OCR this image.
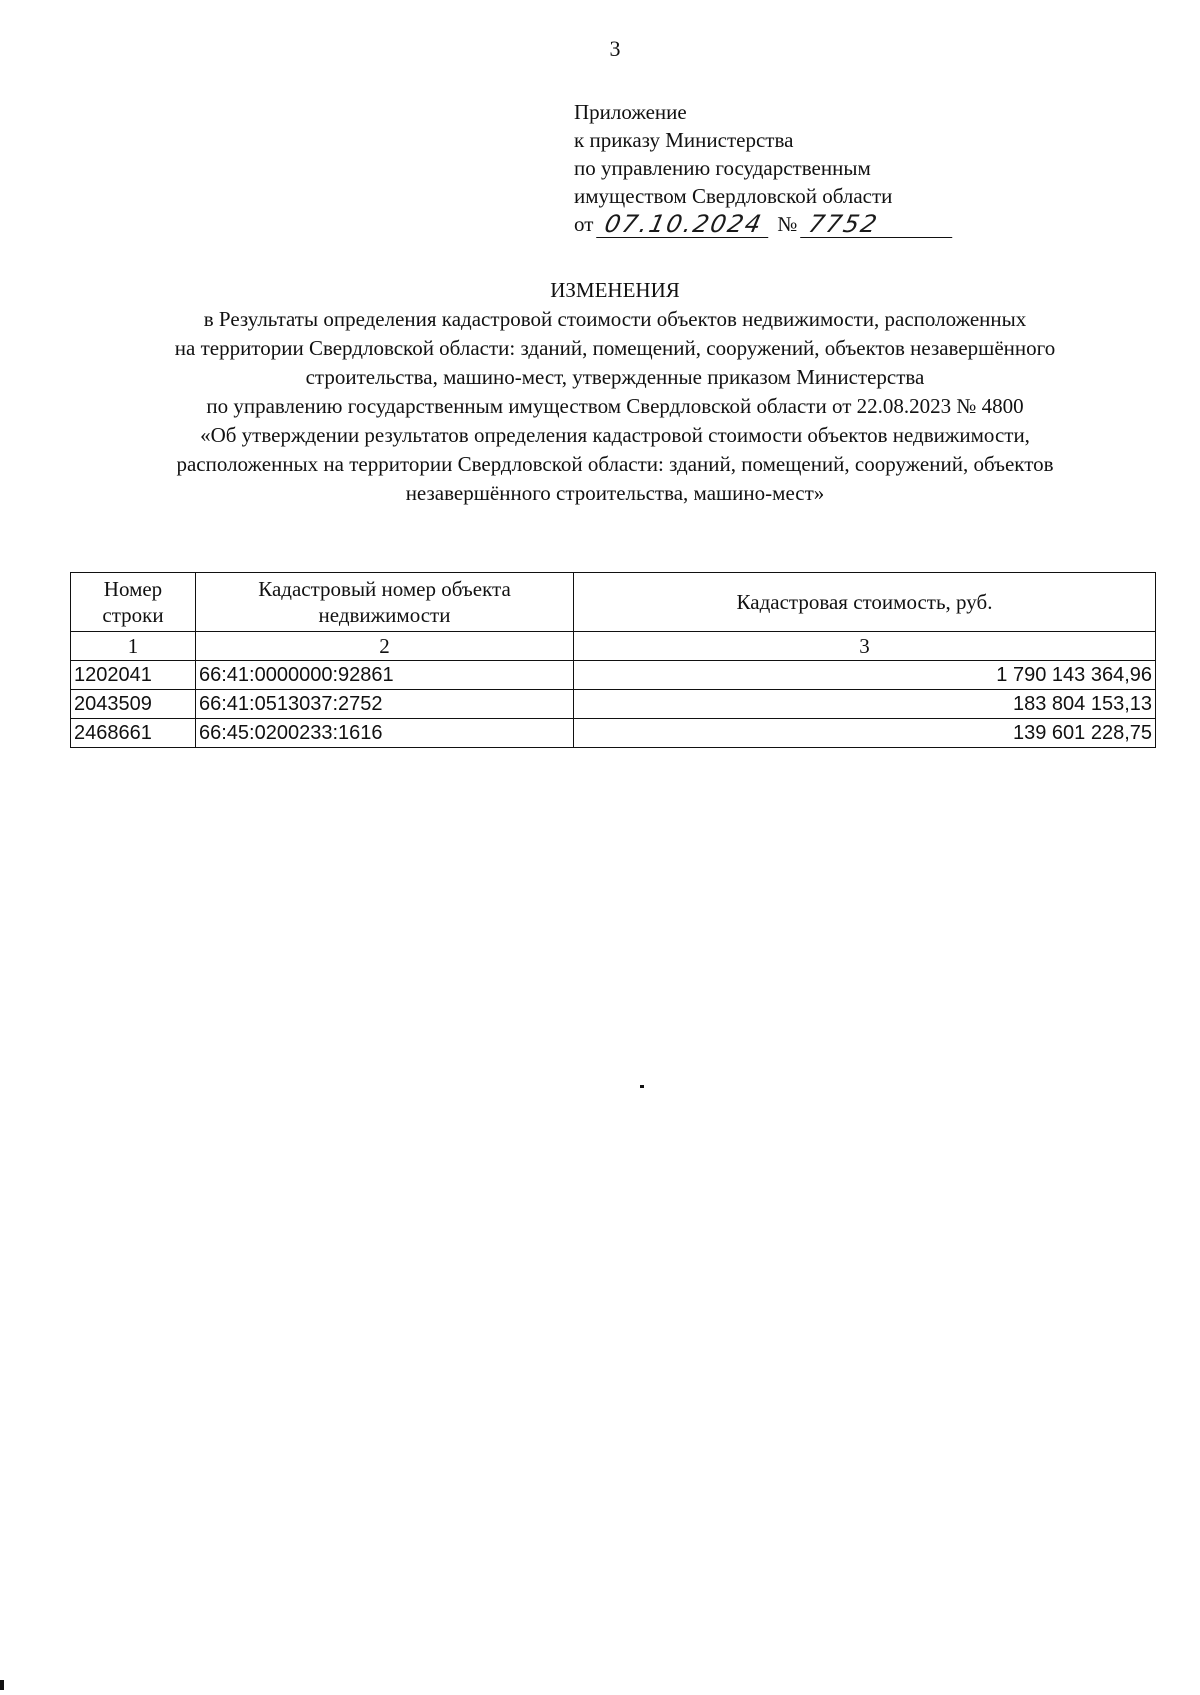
3
Приложение
к приказу Министерства
по управлению государственным
имуществом Свердловской области
от 07.10.2024 № 7752
ИЗМЕНЕНИЯ
в Результаты определения кадастровой стоимости объектов недвижимости, расположенных
на территории Свердловской области: зданий, помещений, сооружений, объектов незавершённого
строительства, машино-мест, утвержденные приказом Министерства
по управлению государственным имуществом Свердловской области от 22.08.2023 № 4800
«Об утверждении результатов определения кадастровой стоимости объектов недвижимости,
расположенных на территории Свердловской области: зданий, помещений, сооружений, объектов
незавершённого строительства, машино-мест»
Номер строки	Кадастровый номер объекта недвижимости	Кадастровая стоимость, руб.
1	2	3
1202041	66:41:0000000:92861	1 790 143 364,96
2043509	66:41:0513037:2752	183 804 153,13
2468661	66:45:0200233:1616	139 601 228,75
